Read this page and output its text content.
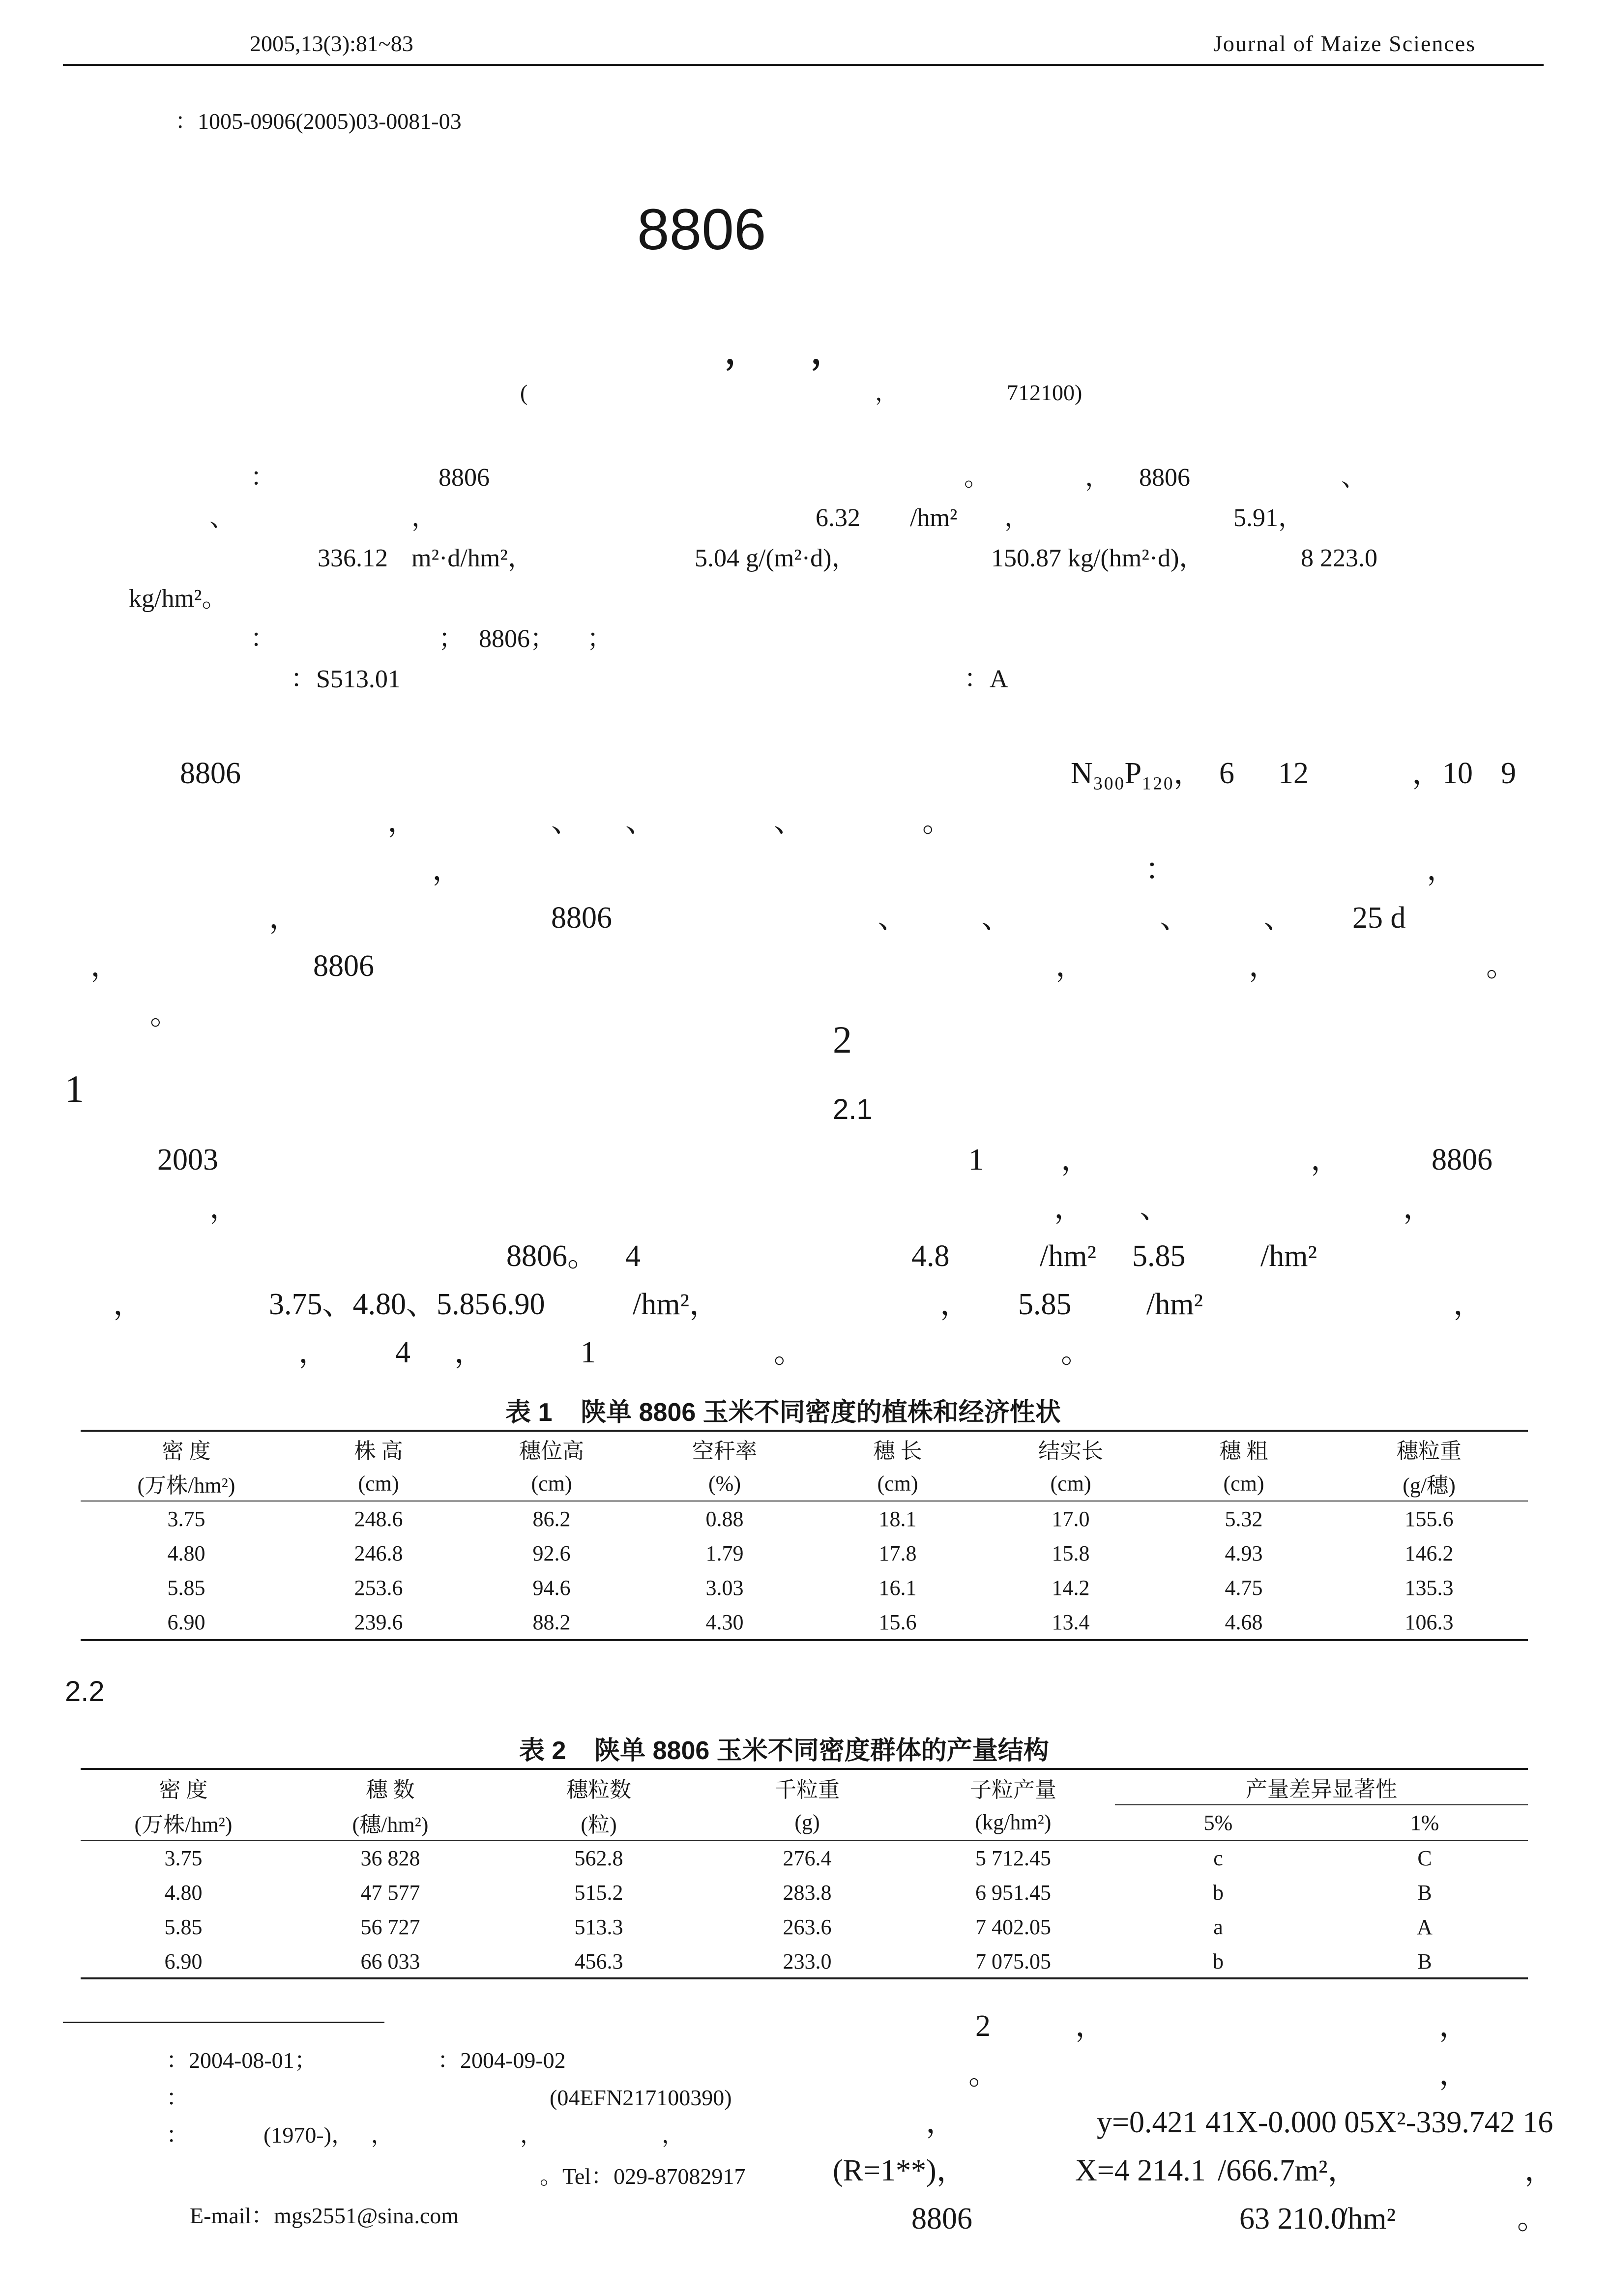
2005,13(3):81~83	Journal of Maize Sciences
：1005-0906(2005)03-0081-03
8806
，      ，
(	，	712100)
：	8806	。	， 8806	、
、	，	6.32 /hm² ，	5.91，
336.12 m²·d/hm²，	5.04 g/(m²·d)，	150.87 kg/(hm²·d)，	8 223.0
kg/hm²。
：	； 8806； ；
：S513.01	：A
8806	N₃₀₀P₁₂₀， 6 12	，10 9
，	、 、	、	。
，	：	，
，	8806	、 、	、 、 25 d
，	8806	，	，	。
。
1
2003
，
8806。 4
，	3.75、4.80、5.85 6.90	/hm²，
， 4 ，	1	。
2
2.1
1	，	，	8806
， 、	，
4.8	/hm² 5.85 /hm²
， 5.85 /hm²	，
。
表 1    陕单 8806 玉米不同密度的植株和经济性状
密 度	株 高	穗位高	空秆率	穗 长	结实长	穗 粗	穗粒重
(万株/hm²)	(cm)	(cm)	(%)	(cm)	(cm)	(cm)	(g/穗)
3.75	248.6	86.2	0.88	18.1	17.0	5.32	155.6
4.80	246.8	92.6	1.79	17.8	15.8	4.93	146.2
5.85	253.6	94.6	3.03	16.1	14.2	4.75	135.3
6.90	239.6	88.2	4.30	15.6	13.4	4.68	106.3
2.2
表 2    陕单 8806 玉米不同密度群体的产量结构
密 度	穗 数	穗粒数	千粒重	子粒产量	产量差异显著性	
(万株/hm²)	(穗/hm²)	(粒)	(g)	(kg/hm²)	5%	1%
3.75	36 828	562.8	276.4	5 712.45	c	C
4.80	47 577	515.2	283.8	6 951.45	b	B
5.85	56 727	513.3	263.6	7 402.05	a	A
6.90	66 033	456.3	233.0	7 075.05	b	B
：2004-08-01；	：2004-09-02
：	(04EFN217100390)
：	(1970-)，   ，	，	，
。Tel：029-87082917
E-mail：mgs2551@sina.com
2	，	，
。	，
，	y=0.421 41X-0.000 05X²-339.742 16
(R=1**)，	X=4 214.1 /666.7m²，	，
8806	63 210.0
/hm²	。
